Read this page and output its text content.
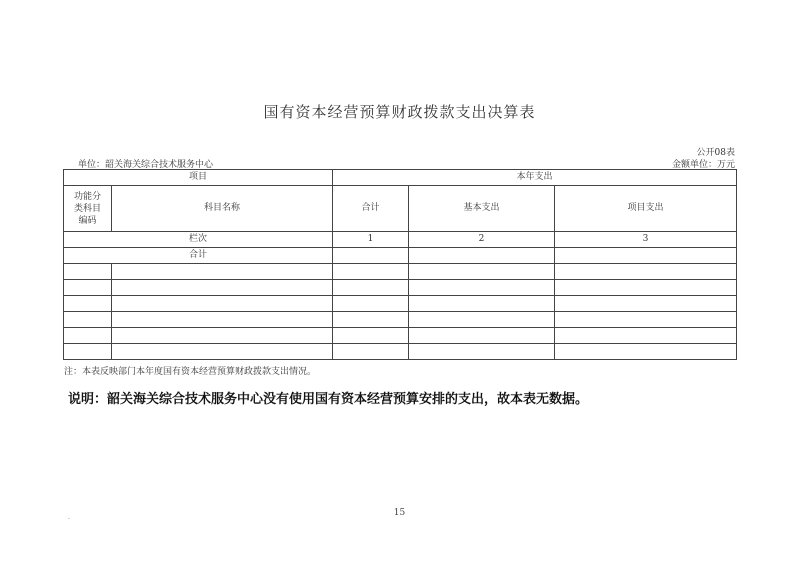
国有资本经营预算财政拨款支出决算表
公开08表
单位：韶关海关综合技术服务中心	金额单位：万元
项目		本年支出		
功能分类科目编码	科目名称	合计	基本支出	项目支出
栏次		1	2	3
合计				

注：本表反映部门本年度国有资本经营预算财政拨款支出情况。
说明：韶关海关综合技术服务中心没有使用国有资本经营预算安排的支出，故本表无数据。
.	15
